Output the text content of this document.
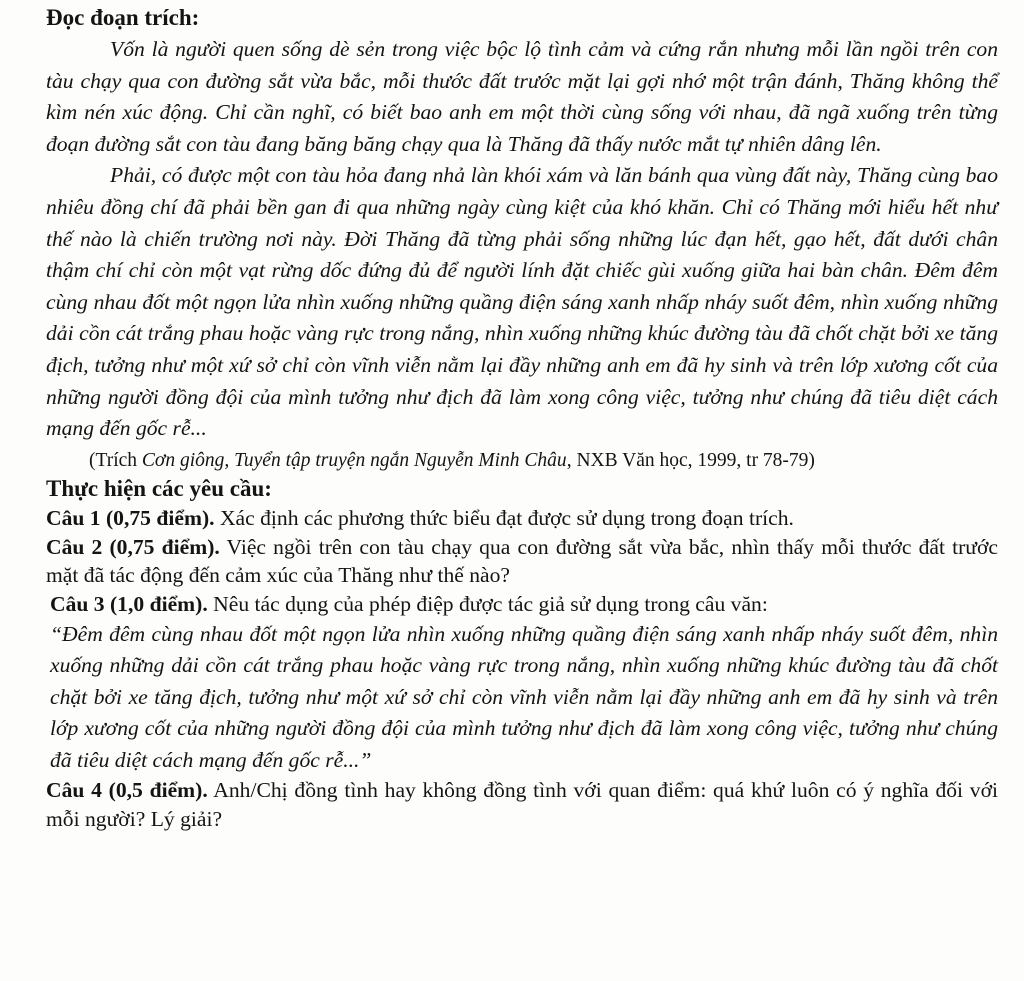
Đọc đoạn trích:

Vốn là người quen sống dè sẻn trong việc bộc lộ tình cảm và cứng rắn nhưng mỗi lần ngồi trên con tàu chạy qua con đường sắt vừa bắc, mỗi thước đất trước mặt lại gợi nhớ một trận đánh, Thăng không thể kìm nén xúc động. Chỉ cần nghĩ, có biết bao anh em một thời cùng sống với nhau, đã ngã xuống trên từng đoạn đường sắt con tàu đang băng băng chạy qua là Thăng đã thấy nước mắt tự nhiên dâng lên.

Phải, có được một con tàu hỏa đang nhả làn khói xám và lăn bánh qua vùng đất này, Thăng cùng bao nhiêu đồng chí đã phải bền gan đi qua những ngày cùng kiệt của khó khăn. Chỉ có Thăng mới hiểu hết như thế nào là chiến trường nơi này. Đời Thăng đã từng phải sống những lúc đạn hết, gạo hết, đất dưới chân thậm chí chỉ còn một vạt rừng dốc đứng đủ để người lính đặt chiếc gùi xuống giữa hai bàn chân. Đêm đêm cùng nhau đốt một ngọn lửa nhìn xuống những quầng điện sáng xanh nhấp nháy suốt đêm, nhìn xuống những dải cồn cát trắng phau hoặc vàng rực trong nắng, nhìn xuống những khúc đường tàu đã chốt chặt bởi xe tăng địch, tưởng như một xứ sở chỉ còn vĩnh viễn nằm lại đầy những anh em đã hy sinh và trên lớp xương cốt của những người đồng đội của mình tưởng như địch đã làm xong công việc, tưởng như chúng đã tiêu diệt cách mạng đến gốc rễ...

(Trích Cơn giông, Tuyển tập truyện ngắn Nguyễn Minh Châu, NXB Văn học, 1999, tr 78-79)

Thực hiện các yêu cầu:

Câu 1 (0,75 điểm). Xác định các phương thức biểu đạt được sử dụng trong đoạn trích.

Câu 2 (0,75 điểm). Việc ngồi trên con tàu chạy qua con đường sắt vừa bắc, nhìn thấy mỗi thước đất trước mặt đã tác động đến cảm xúc của Thăng như thế nào?

Câu 3 (1,0 điểm). Nêu tác dụng của phép điệp được tác giả sử dụng trong câu văn:
“Đêm đêm cùng nhau đốt một ngọn lửa nhìn xuống những quầng điện sáng xanh nhấp nháy suốt đêm, nhìn xuống những dải cồn cát trắng phau hoặc vàng rực trong nắng, nhìn xuống những khúc đường tàu đã chốt chặt bởi xe tăng địch, tưởng như một xứ sở chỉ còn vĩnh viễn nằm lại đầy những anh em đã hy sinh và trên lớp xương cốt của những người đồng đội của mình tưởng như địch đã làm xong công việc, tưởng như chúng đã tiêu diệt cách mạng đến gốc rễ...”

Câu 4 (0,5 điểm). Anh/Chị đồng tình hay không đồng tình với quan điểm: quá khứ luôn có ý nghĩa đối với mỗi người? Lý giải?
